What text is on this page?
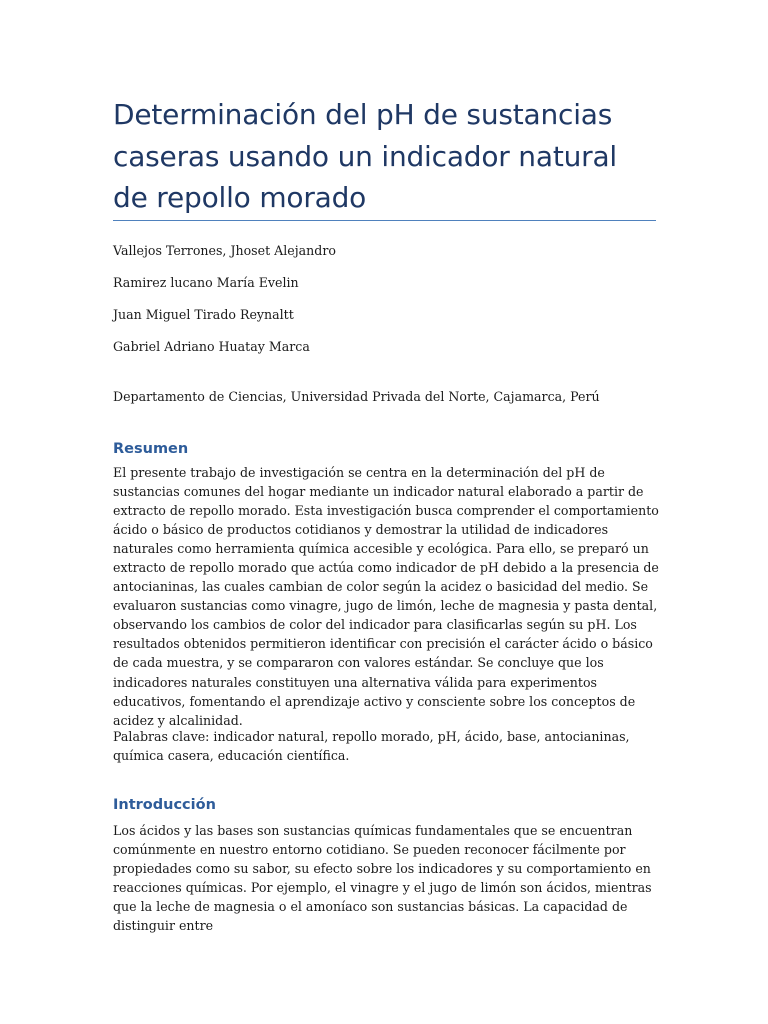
Determinación del pH de sustancias caseras usando un indicador natural de repollo morado

Vallejos Terrones, Jhoset Alejandro

Ramirez lucano María Evelin

Juan Miguel Tirado Reynaltt

Gabriel Adriano Huatay Marca

Departamento de Ciencias, Universidad Privada del Norte, Cajamarca, Perú

Resumen

El presente trabajo de investigación se centra en la determinación del pH de sustancias comunes del hogar mediante un indicador natural elaborado a partir de extracto de repollo morado. Esta investigación busca comprender el comportamiento ácido o básico de productos cotidianos y demostrar la utilidad de indicadores naturales como herramienta química accesible y ecológica. Para ello, se preparó un extracto de repollo morado que actúa como indicador de pH debido a la presencia de antocianinas, las cuales cambian de color según la acidez o basicidad del medio. Se evaluaron sustancias como vinagre, jugo de limón, leche de magnesia y pasta dental, observando los cambios de color del indicador para clasificarlas según su pH. Los resultados obtenidos permitieron identificar con precisión el carácter ácido o básico de cada muestra, y se compararon con valores estándar. Se concluye que los indicadores naturales constituyen una alternativa válida para experimentos educativos, fomentando el aprendizaje activo y consciente sobre los conceptos de acidez y alcalinidad.

Palabras clave: indicador natural, repollo morado, pH, ácido, base, antocianinas, química casera, educación científica.

Introducción

Los ácidos y las bases son sustancias químicas fundamentales que se encuentran comúnmente en nuestro entorno cotidiano. Se pueden reconocer fácilmente por propiedades como su sabor, su efecto sobre los indicadores y su comportamiento en reacciones químicas. Por ejemplo, el vinagre y el jugo de limón son ácidos, mientras que la leche de magnesia o el amoníaco son sustancias básicas. La capacidad de distinguir entre
